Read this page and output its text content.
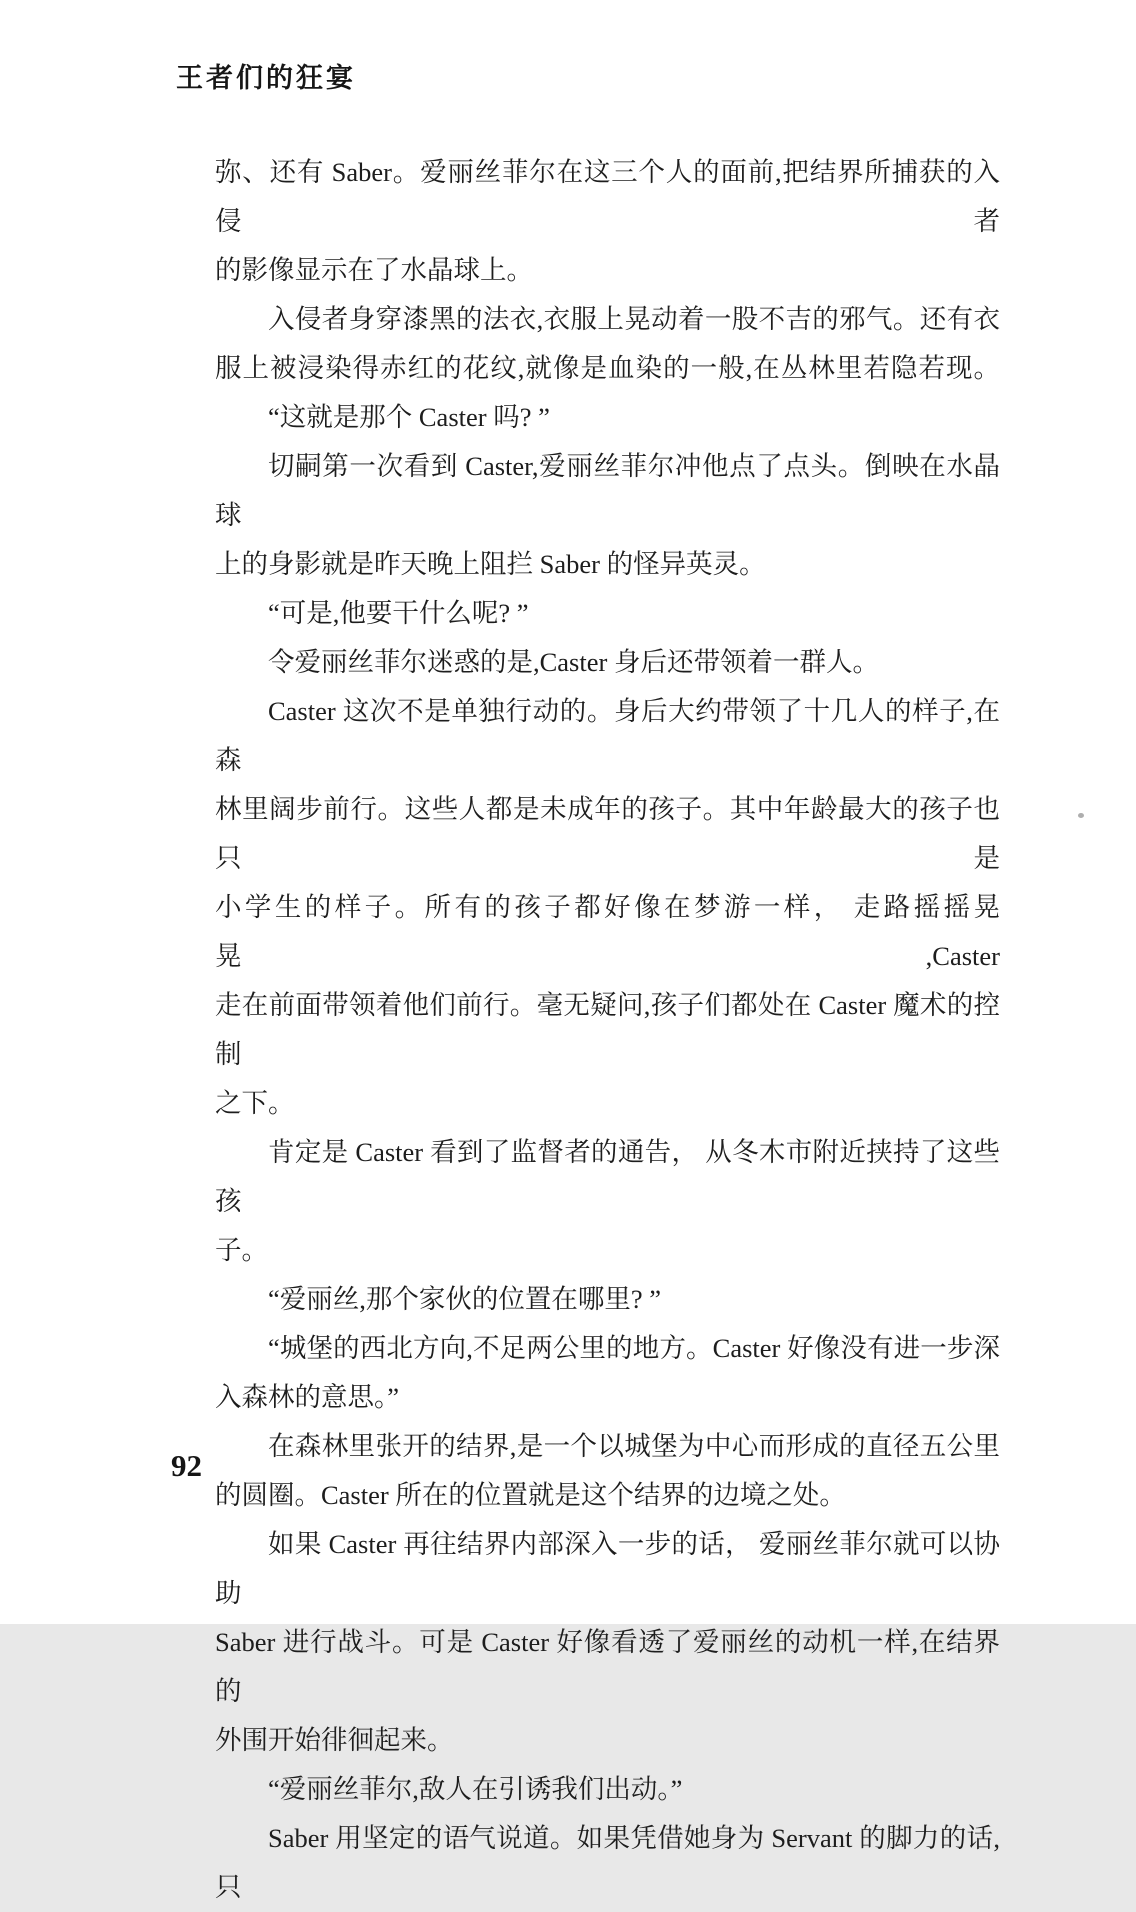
王者们的狂宴
弥、还有 Saber。爱丽丝菲尔在这三个人的面前,把结界所捕获的入侵者
的影像显示在了水晶球上。
入侵者身穿漆黑的法衣,衣服上晃动着一股不吉的邪气。还有衣
服上被浸染得赤红的花纹,就像是血染的一般,在丛林里若隐若现。
“这就是那个 Caster 吗? ”
切嗣第一次看到 Caster,爱丽丝菲尔冲他点了点头。倒映在水晶球
上的身影就是昨天晚上阻拦 Saber 的怪异英灵。
“可是,他要干什么呢? ”
令爱丽丝菲尔迷惑的是,Caster 身后还带领着一群人。
Caster 这次不是单独行动的。身后大约带领了十几人的样子,在森
林里阔步前行。这些人都是未成年的孩子。其中年龄最大的孩子也只是
小学生的样子。所有的孩子都好像在梦游一样， 走路摇摇晃晃,Caster
走在前面带领着他们前行。毫无疑问,孩子们都处在 Caster 魔术的控制
之下。
肯定是 Caster 看到了监督者的通告， 从冬木市附近挟持了这些孩
子。
“爱丽丝,那个家伙的位置在哪里? ”
“城堡的西北方向,不足两公里的地方。Caster 好像没有进一步深
入森林的意思。”
在森林里张开的结界,是一个以城堡为中心而形成的直径五公里
的圆圈。Caster 所在的位置就是这个结界的边境之处。
如果 Caster 再往结界内部深入一步的话， 爱丽丝菲尔就可以协助
Saber 进行战斗。可是 Caster 好像看透了爱丽丝的动机一样,在结界的
外围开始徘徊起来。
“爱丽丝菲尔,敌人在引诱我们出动。”
Saber 用坚定的语气说道。如果凭借她身为 Servant 的脚力的话,只
92
